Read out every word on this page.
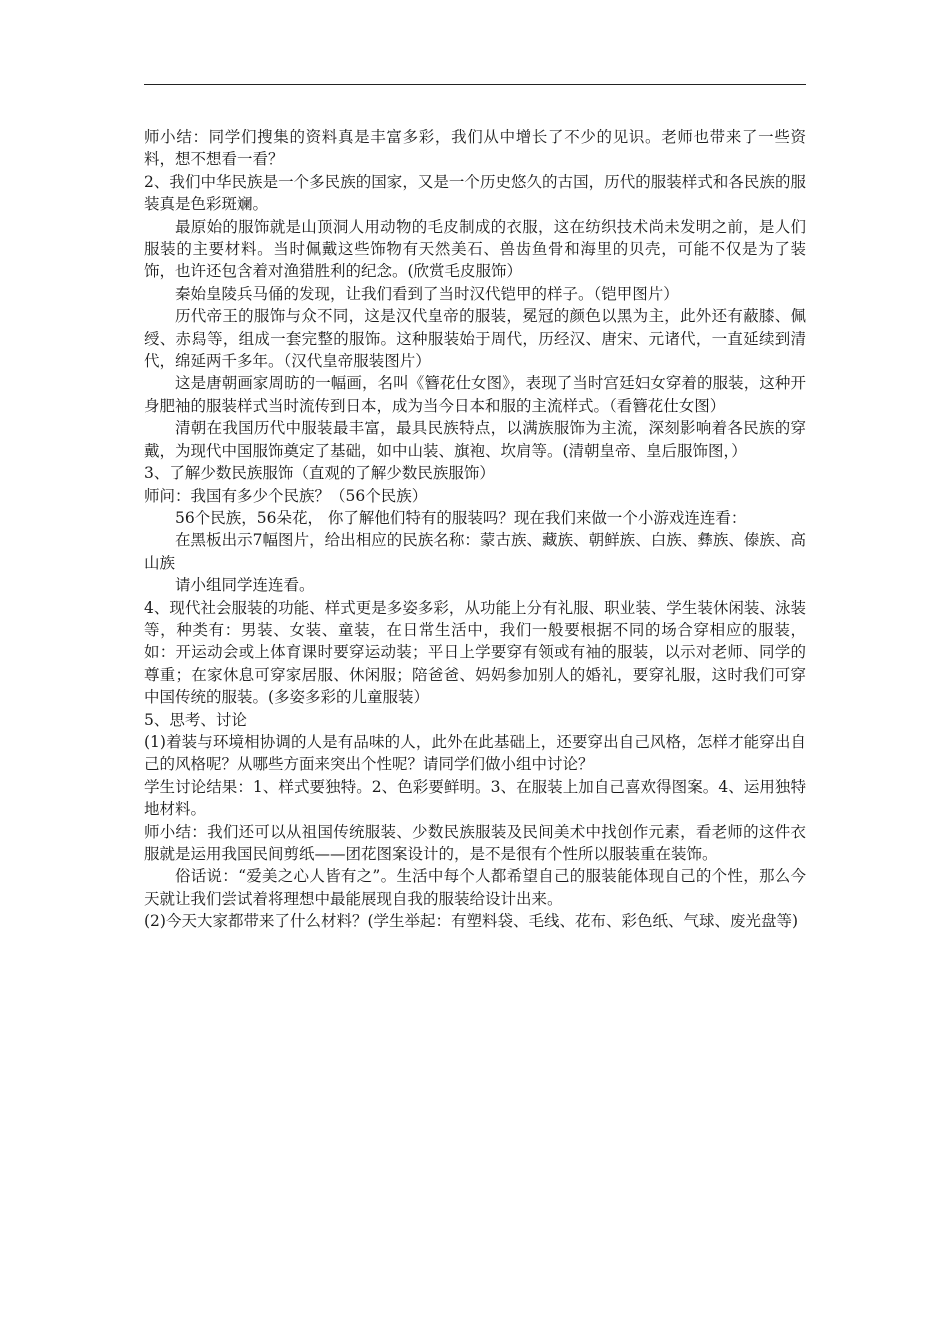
师小结：同学们搜集的资料真是丰富多彩，我们从中增长了不少的见识。老师也带来了一些资料，想不想看一看？

2、我们中华民族是一个多民族的国家，又是一个历史悠久的古国，历代的服装样式和各民族的服装真是色彩斑斓。

最原始的服饰就是山顶洞人用动物的毛皮制成的衣服，这在纺织技术尚未发明之前，是人们服装的主要材料。当时佩戴这些饰物有天然美石、兽齿鱼骨和海里的贝壳，可能不仅是为了装饰，也许还包含着对渔猎胜利的纪念。(欣赏毛皮服饰）

秦始皇陵兵马俑的发现，让我们看到了当时汉代铠甲的样子。（铠甲图片）

历代帝王的服饰与众不同，这是汉代皇帝的服装，冕冠的颜色以黑为主，此外还有蔽膝、佩绶、赤舄等，组成一套完整的服饰。这种服装始于周代，历经汉、唐宋、元诸代，一直延续到清代，绵延两千多年。（汉代皇帝服装图片）

这是唐朝画家周昉的一幅画，名叫《簪花仕女图》，表现了当时宫廷妇女穿着的服装，这种开身肥袖的服装样式当时流传到日本，成为当今日本和服的主流样式。（看簪花仕女图）

清朝在我国历代中服装最丰富，最具民族特点，以满族服饰为主流，深刻影响着各民族的穿戴，为现代中国服饰奠定了基础，如中山装、旗袍、坎肩等。(清朝皇帝、皇后服饰图，）

3、了解少数民族服饰（直观的了解少数民族服饰）

师问：我国有多少个民族？（56个民族）

56个民族，56朵花， 你了解他们特有的服装吗？现在我们来做一个小游戏连连看：

在黑板出示7幅图片，给出相应的民族名称：蒙古族、藏族、朝鲜族、白族、彝族、傣族、高山族

请小组同学连连看。

4、现代社会服装的功能、样式更是多姿多彩，从功能上分有礼服、职业装、学生装休闲装、泳装等，种类有：男装、女装、童装，在日常生活中，我们一般要根据不同的场合穿相应的服装，如：开运动会或上体育课时要穿运动装；平日上学要穿有领或有袖的服装，以示对老师、同学的尊重；在家休息可穿家居服、休闲服；陪爸爸、妈妈参加别人的婚礼，要穿礼服，这时我们可穿中国传统的服装。(多姿多彩的儿童服装）

5、思考、讨论

(1)着装与环境相协调的人是有品味的人，此外在此基础上，还要穿出自己风格，怎样才能穿出自己的风格呢？从哪些方面来突出个性呢？请同学们做小组中讨论？

学生讨论结果：1、样式要独特。2、色彩要鲜明。3、在服装上加自己喜欢得图案。4、运用独特地材料。

师小结：我们还可以从祖国传统服装、少数民族服装及民间美术中找创作元素，看老师的这件衣服就是运用我国民间剪纸——团花图案设计的，是不是很有个性所以服装重在装饰。

俗话说：“爱美之心人皆有之”。生活中每个人都希望自己的服装能体现自己的个性，那么今天就让我们尝试着将理想中最能展现自我的服装给设计出来。

(2)今天大家都带来了什么材料？(学生举起：有塑料袋、毛线、花布、彩色纸、气球、废光盘等)
